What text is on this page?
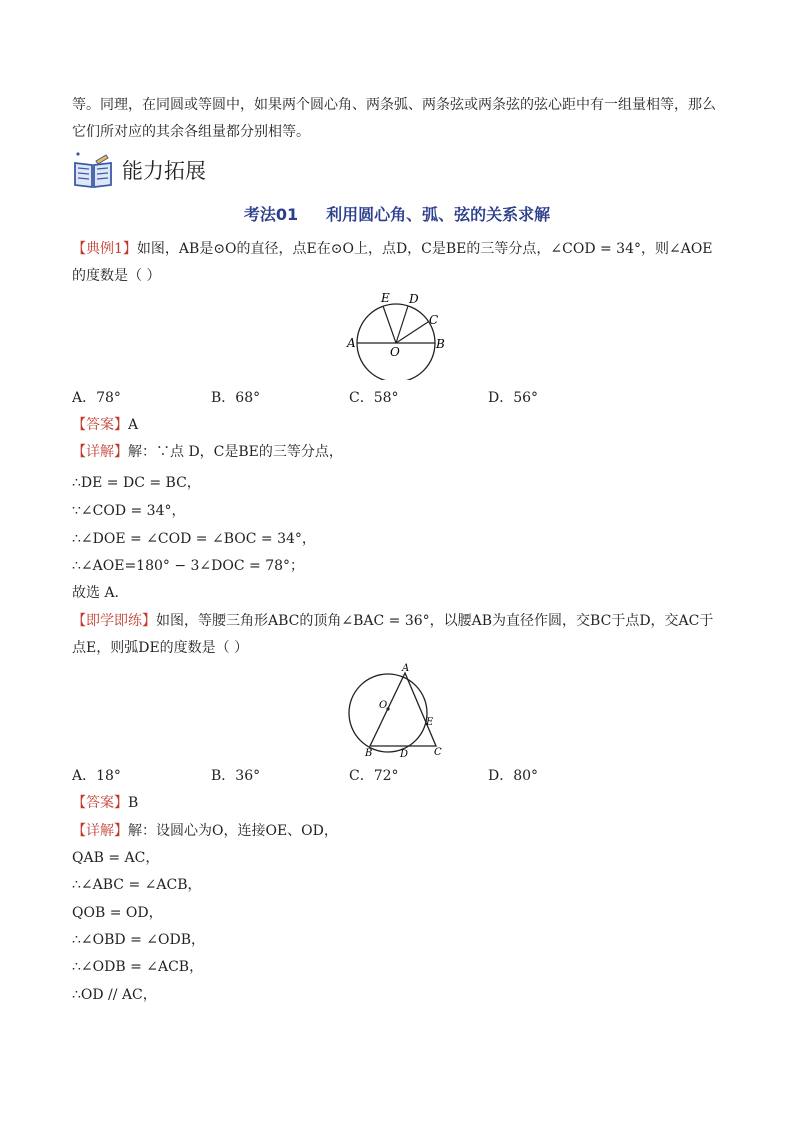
等。同理，在同圆或等圆中，如果两个圆心角、两条弧、两条弦或两条弦的弦心距中有一组量相等，那么
它们所对应的其余各组量都分别相等。
能力拓展
考法01 利用圆心角、弧、弦的关系求解
【典例1】如图，AB是⊙O的直径，点E在⊙O上，点D，C是BE的三等分点，∠COD = 34°，则∠AOE
的度数是（ ）
E D
C
A
O
B
A．78°	B．68°	C．58°	D．56°
【答案】A
【详解】解：∵点 D，C是BE的三等分点，
∴DE = DC = BC，
∵∠COD = 34°，
∴∠DOE = ∠COD = ∠BOC = 34°，
∴∠AOE=180° − 3∠DOC = 78°；
故选 A．
【即学即练】如图，等腰三角形ABC的顶角∠BAC = 36°，以腰AB为直径作圆，交BC于点D，交AC于
点E，则弧DE的度数是（ ）
A
O
E
B	D	C
A．18°	B．36°	C．72°	D．80°
【答案】B
【详解】解：设圆心为O，连接OE、OD，
QAB = AC，
∴∠ABC = ∠ACB，
QOB = OD，
∴∠OBD = ∠ODB，
∴∠ODB = ∠ACB，
∴OD // AC，
